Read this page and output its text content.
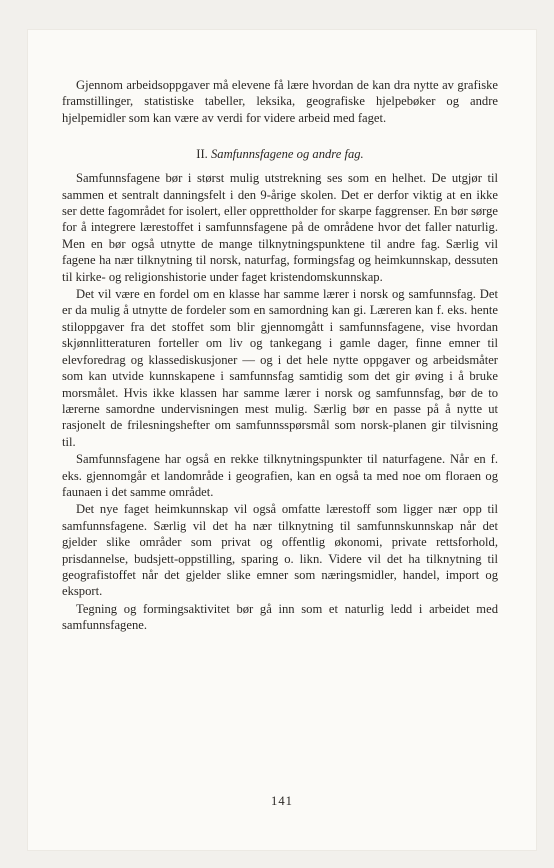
Gjennom arbeidsoppgaver må elevene få lære hvordan de kan dra nytte av grafiske framstillinger, statistiske tabeller, leksika, geografiske hjelpebøker og andre hjelpemidler som kan være av verdi for videre arbeid med faget.

II. Samfunnsfagene og andre fag.

Samfunnsfagene bør i størst mulig utstrekning ses som en helhet. De utgjør til sammen et sentralt danningsfelt i den 9-årige skolen. Det er derfor viktig at en ikke ser dette fagområdet for isolert, eller opprettholder for skarpe faggrenser. En bør sørge for å integrere lærestoffet i samfunnsfagene på de områdene hvor det faller naturlig. Men en bør også utnytte de mange tilknytningspunktene til andre fag. Særlig vil fagene ha nær tilknytning til norsk, naturfag, formingsfag og heimkunnskap, dessuten til kirke- og religionshistorie under faget kristendomskunnskap.

Det vil være en fordel om en klasse har samme lærer i norsk og samfunnsfag. Det er da mulig å utnytte de fordeler som en samordning kan gi. Læreren kan f. eks. hente stiloppgaver fra det stoffet som blir gjennomgått i samfunnsfagene, vise hvordan skjønnlitteraturen forteller om liv og tankegang i gamle dager, finne emner til elevforedrag og klassediskusjoner — og i det hele nytte oppgaver og arbeidsmåter som kan utvide kunnskapene i samfunnsfag samtidig som det gir øving i å bruke morsmålet. Hvis ikke klassen har samme lærer i norsk og samfunnsfag, bør de to lærerne samordne undervisningen mest mulig. Særlig bør en passe på å nytte ut rasjonelt de frilesningshefter om samfunnsspørsmål som norsk-planen gir tilvisning til.

Samfunnsfagene har også en rekke tilknytningspunkter til naturfagene. Når en f. eks. gjennomgår et landområde i geografien, kan en også ta med noe om floraen og faunaen i det samme området.

Det nye faget heimkunnskap vil også omfatte lærestoff som ligger nær opp til samfunnsfagene. Særlig vil det ha nær tilknytning til samfunnskunnskap når det gjelder slike områder som privat og offentlig økonomi, private rettsforhold, prisdannelse, budsjett-oppstilling, sparing o. likn. Videre vil det ha tilknytning til geografistoffet når det gjelder slike emner som næringsmidler, handel, import og eksport.

Tegning og formingsaktivitet bør gå inn som et naturlig ledd i arbeidet med samfunnsfagene.

141
